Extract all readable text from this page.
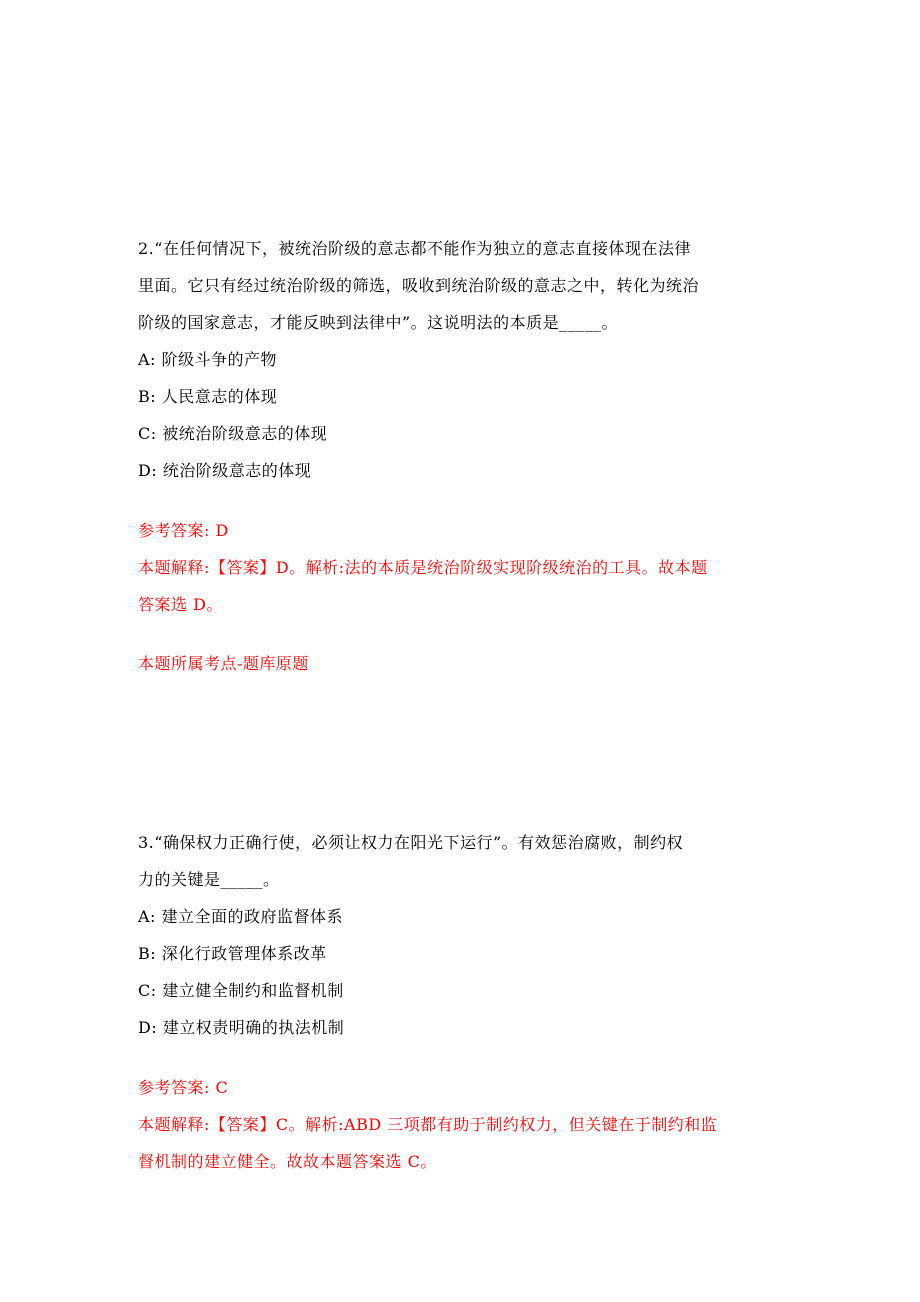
2.“在任何情况下，被统治阶级的意志都不能作为独立的意志直接体现在法律

里面。它只有经过统治阶级的筛选，吸收到统治阶级的意志之中，转化为统治

阶级的国家意志，才能反映到法律中”。这说明法的本质是_____。

A: 阶级斗争的产物

B: 人民意志的体现

C: 被统治阶级意志的体现

D: 统治阶级意志的体现

参考答案: D

本题解释:【答案】D。解析:法的本质是统治阶级实现阶级统治的工具。故本题

答案选 D。

本题所属考点-题库原题

3.“确保权力正确行使，必须让权力在阳光下运行”。有效惩治腐败，制约权

力的关键是_____。

A: 建立全面的政府监督体系

B: 深化行政管理体系改革

C: 建立健全制约和监督机制

D: 建立权责明确的执法机制

参考答案: C

本题解释:【答案】C。解析:ABD 三项都有助于制约权力，但关键在于制约和监

督机制的建立健全。故故本题答案选 C。
